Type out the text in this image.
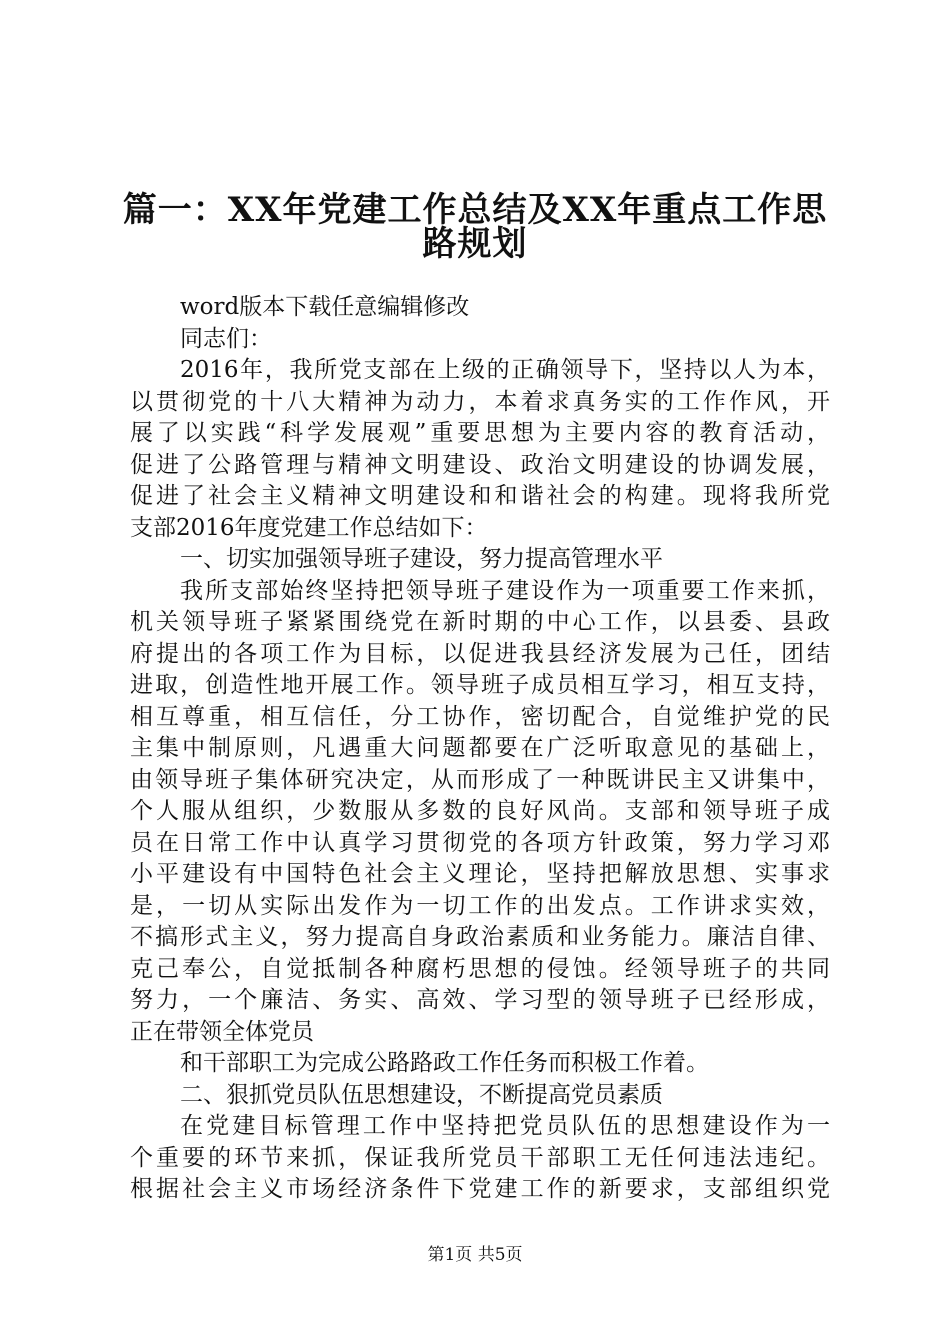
篇一：XX年党建工作总结及XX年重点工作思
路规划
word版本下载任意编辑修改
同志们：
2016年，我所党支部在上级的正确领导下，坚持以人为本，
以贯彻党的十八大精神为动力，本着求真务实的工作作风，开
展了以实践“科学发展观”重要思想为主要内容的教育活动，
促进了公路管理与精神文明建设、政治文明建设的协调发展，
促进了社会主义精神文明建设和和谐社会的构建。现将我所党
支部2016年度党建工作总结如下：
一、切实加强领导班子建设，努力提高管理水平
我所支部始终坚持把领导班子建设作为一项重要工作来抓，
机关领导班子紧紧围绕党在新时期的中心工作，以县委、县政
府提出的各项工作为目标，以促进我县经济发展为己任，团结
进取，创造性地开展工作。领导班子成员相互学习，相互支持，
相互尊重，相互信任，分工协作，密切配合，自觉维护党的民
主集中制原则，凡遇重大问题都要在广泛听取意见的基础上，
由领导班子集体研究决定，从而形成了一种既讲民主又讲集中，
个人服从组织，少数服从多数的良好风尚。支部和领导班子成
员在日常工作中认真学习贯彻党的各项方针政策，努力学习邓
小平建设有中国特色社会主义理论，坚持把解放思想、实事求
是，一切从实际出发作为一切工作的出发点。工作讲求实效，
不搞形式主义，努力提高自身政治素质和业务能力。廉洁自律、
克己奉公，自觉抵制各种腐朽思想的侵蚀。经领导班子的共同
努力，一个廉洁、务实、高效、学习型的领导班子已经形成，
正在带领全体党员
和干部职工为完成公路路政工作任务而积极工作着。
二、狠抓党员队伍思想建设，不断提高党员素质
在党建目标管理工作中坚持把党员队伍的思想建设作为一
个重要的环节来抓，保证我所党员干部职工无任何违法违纪。
根据社会主义市场经济条件下党建工作的新要求，支部组织党
第1页 共5页
